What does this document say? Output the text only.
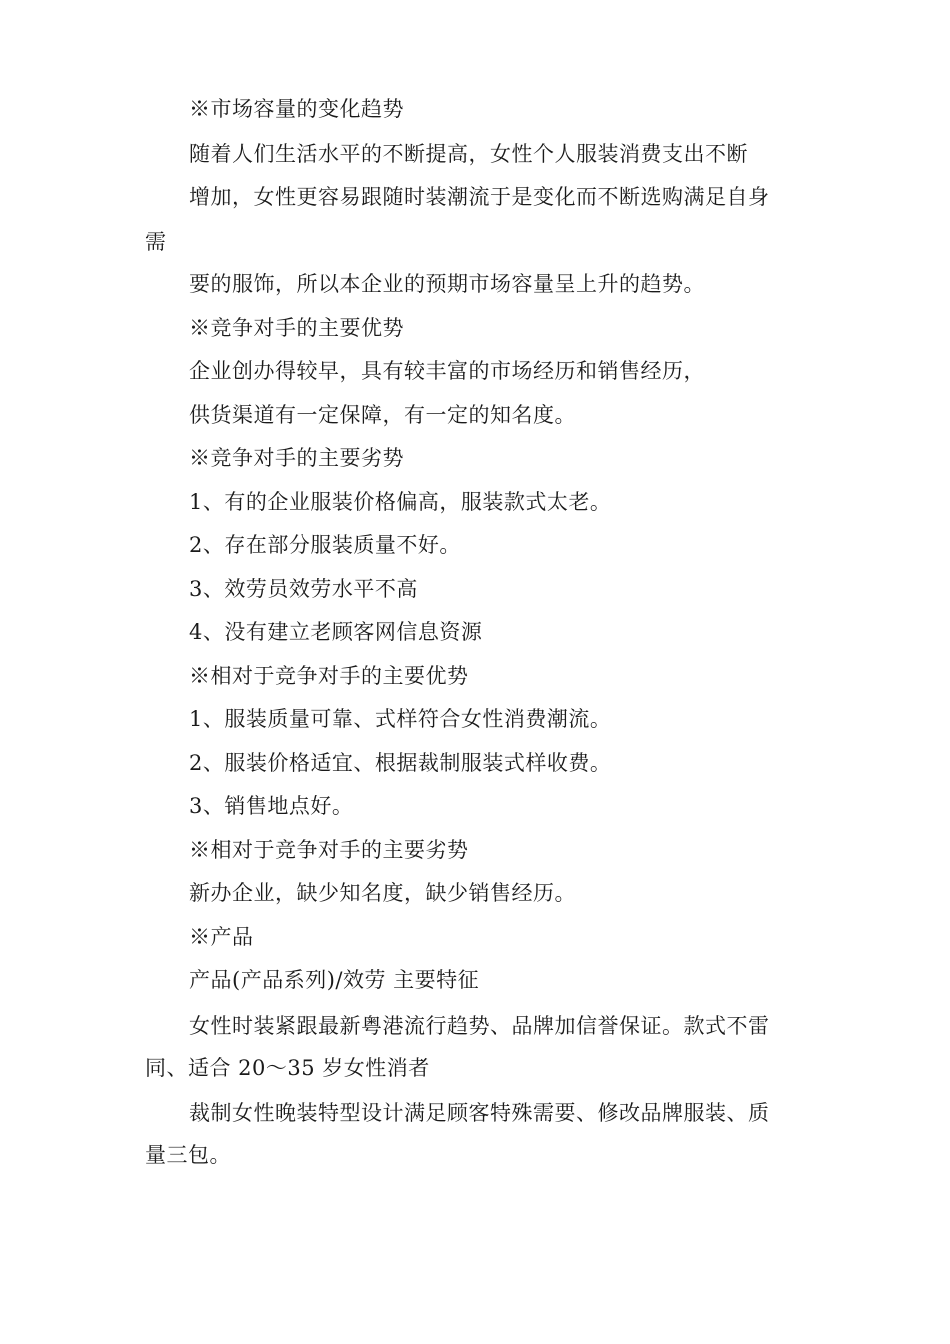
※市场容量的变化趋势
随着人们生活水平的不断提高，女性个人服装消费支出不断
增加，女性更容易跟随时装潮流于是变化而不断选购满足自身
需
要的服饰，所以本企业的预期市场容量呈上升的趋势。
※竞争对手的主要优势
企业创办得较早，具有较丰富的市场经历和销售经历，
供货渠道有一定保障，有一定的知名度。
※竞争对手的主要劣势
1、有的企业服装价格偏高，服装款式太老。
2、存在部分服装质量不好。
3、效劳员效劳水平不高
4、没有建立老顾客网信息资源
※相对于竞争对手的主要优势
1、服装质量可靠、式样符合女性消费潮流。
2、服装价格适宜、根据裁制服装式样收费。
3、销售地点好。
※相对于竞争对手的主要劣势
新办企业，缺少知名度，缺少销售经历。
※产品
产品(产品系列)/效劳 主要特征
女性时装紧跟最新粤港流行趋势、品牌加信誉保证。款式不雷
同、适合 20～35 岁女性消者
裁制女性晚装特型设计满足顾客特殊需要、修改品牌服装、质
量三包。
